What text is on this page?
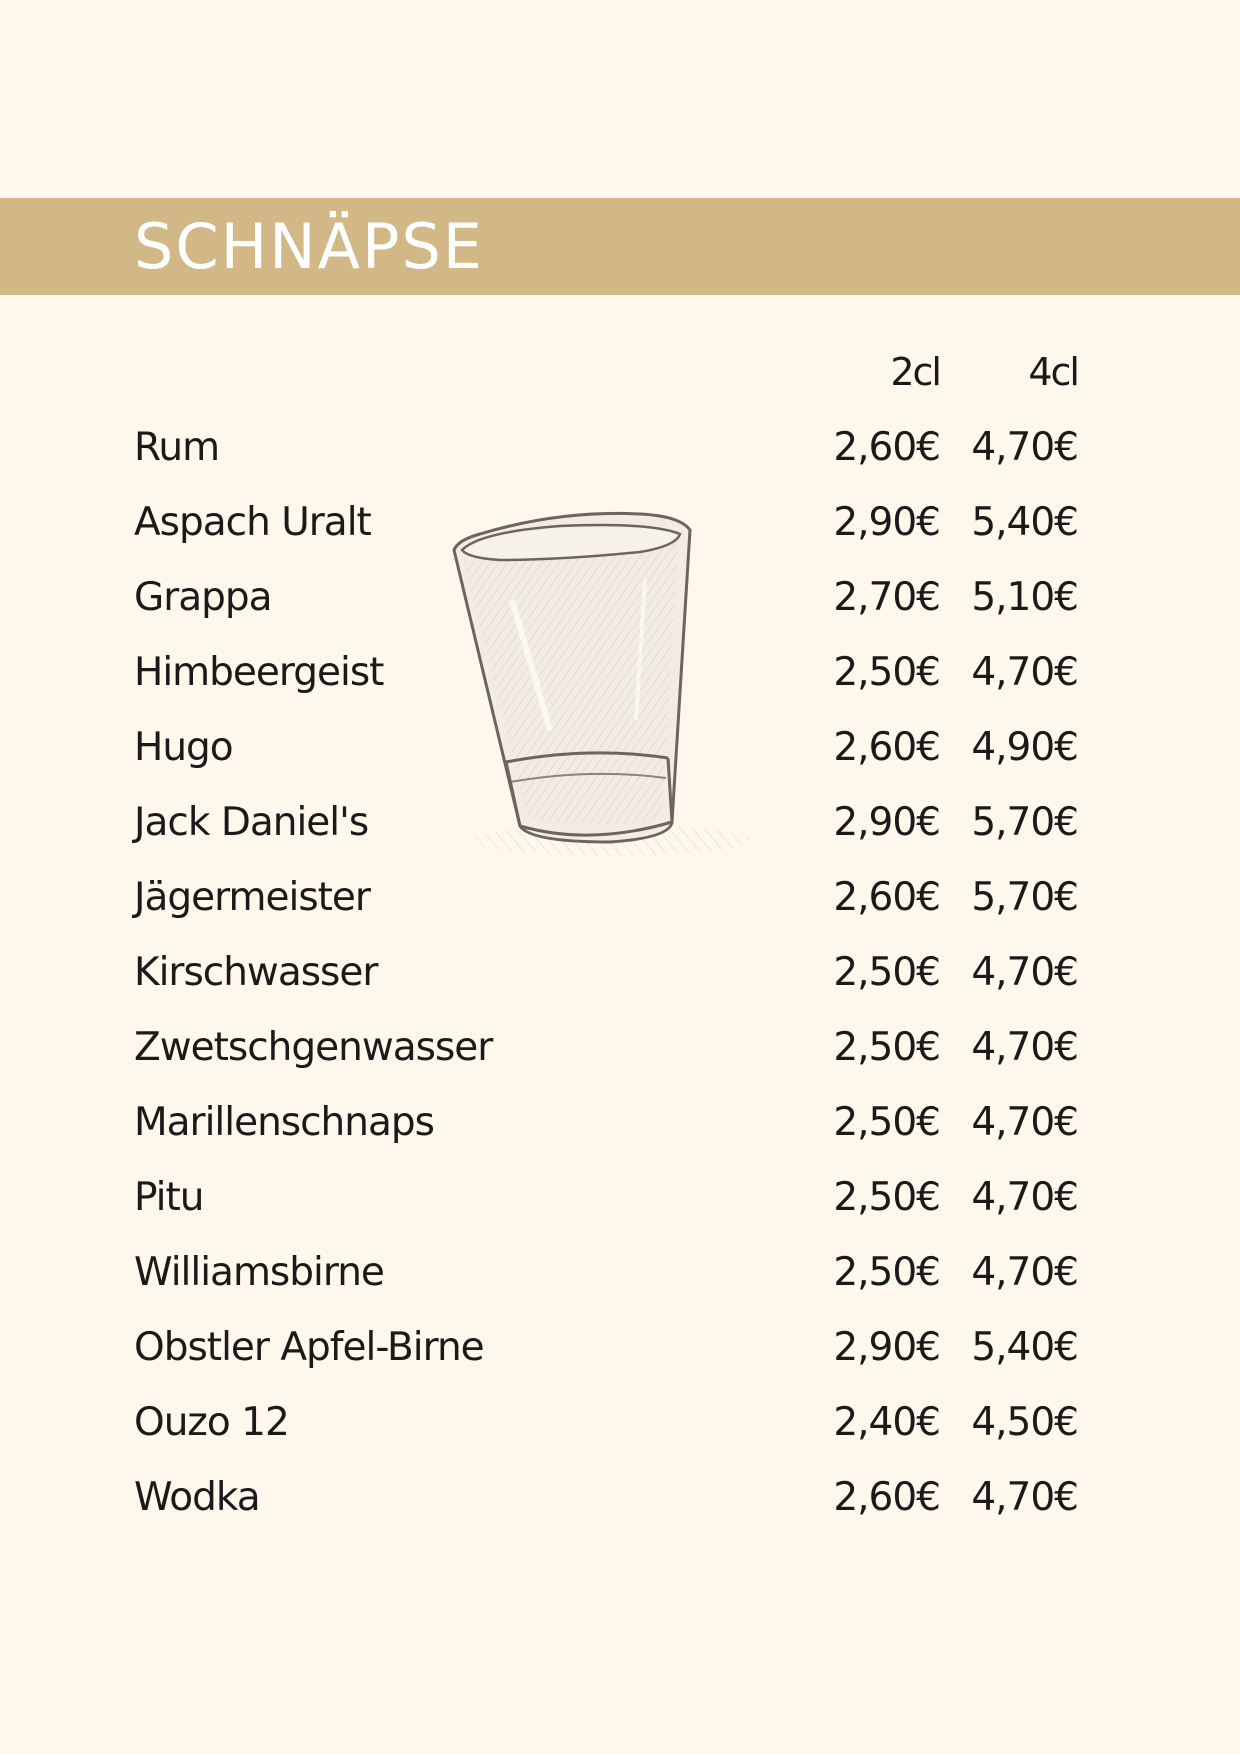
SCHNÄPSE
2cl	4cl
Rum	2,60€ 4,70€
Aspach Uralt	2,90€ 5,40€
Grappa	2,70€ 5,10€
Himbeergeist	2,50€ 4,70€
Hugo	2,60€ 4,90€
Jack Daniel's	2,90€ 5,70€
Jägermeister	2,60€ 5,70€
Kirschwasser	2,50€ 4,70€
Zwetschgenwasser	2,50€ 4,70€
Marillenschnaps	2,50€ 4,70€
Pitu	2,50€ 4,70€
Williamsbirne	2,50€ 4,70€
Obstler Apfel-Birne	2,90€ 5,40€
Ouzo 12	2,40€ 4,50€
Wodka	2,60€ 4,70€
